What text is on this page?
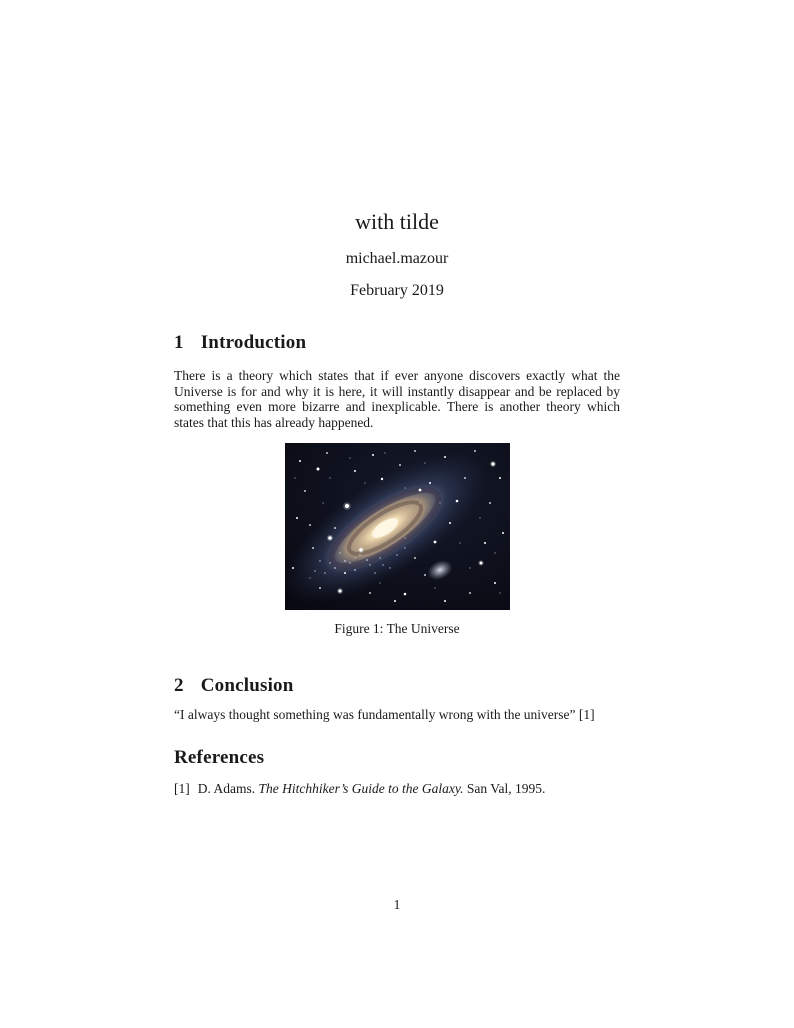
with tilde

michael.mazour

February 2019

1 Introduction

There is a theory which states that if ever anyone discovers exactly what the Universe is for and why it is here, it will instantly disappear and be replaced by something even more bizarre and inexplicable. There is another theory which states that this has already happened.

Figure 1: The Universe

2 Conclusion

“I always thought something was fundamentally wrong with the universe” [1]

References
[1] D. Adams. The Hitchhiker’s Guide to the Galaxy. San Val, 1995.
1
